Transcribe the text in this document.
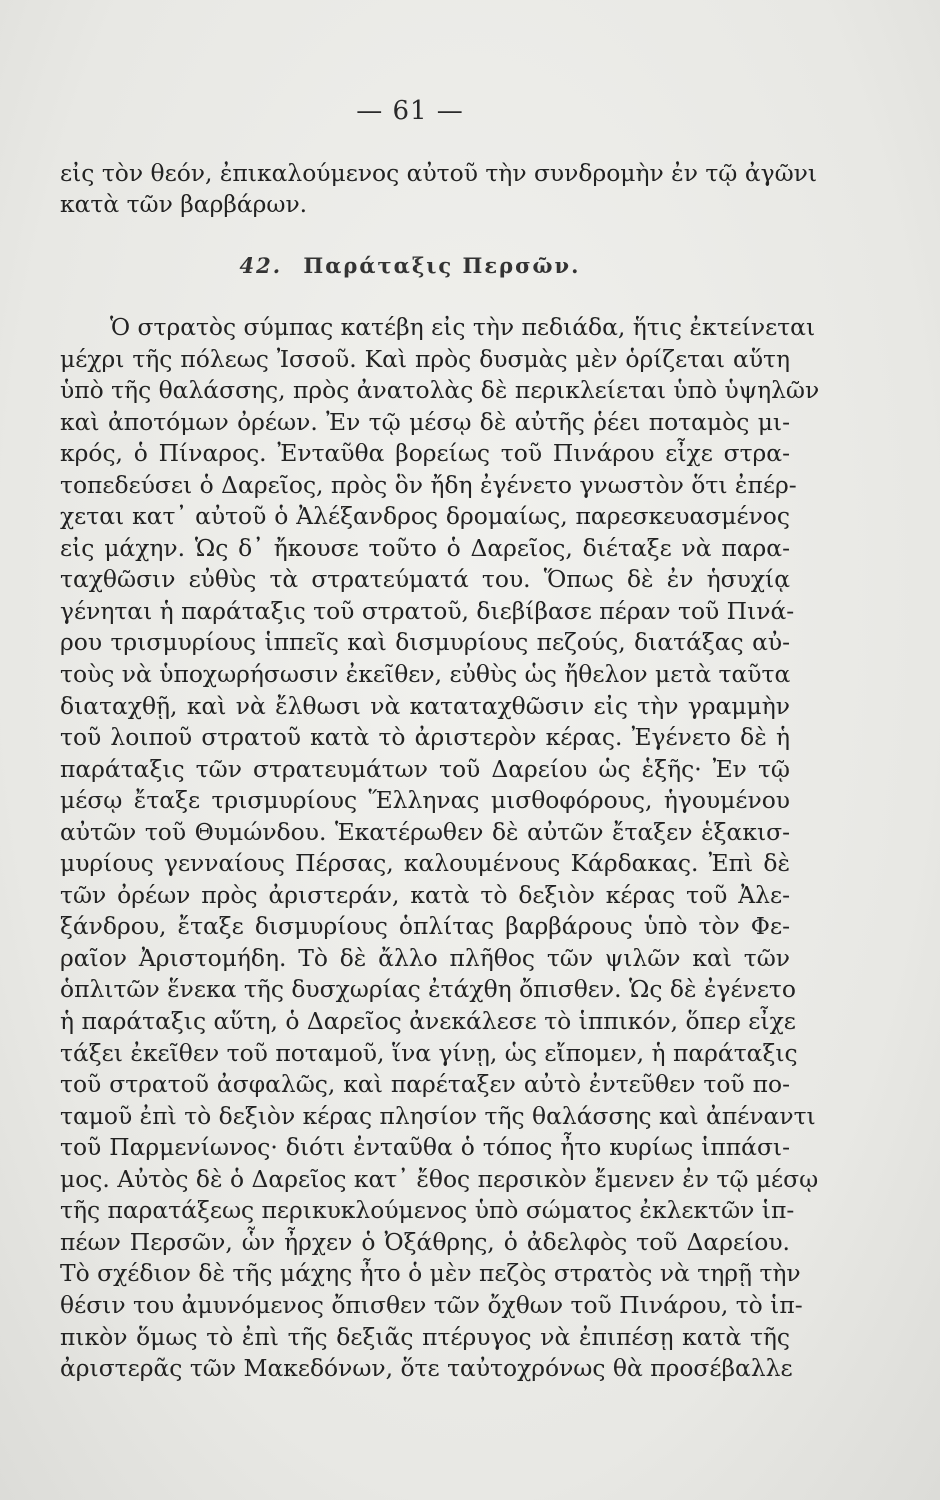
— 61 —
εἰς τὸν θεόν, ἐπικαλούμενος αὐτοῦ τὴν συνδρομὴν ἐν τῷ ἀγῶνι
κατὰ τῶν βαρβάρων.
42. Παράταξις Περσῶν.
Ὁ στρατὸς σύμπας κατέβη εἰς τὴν πεδιάδα, ἥτις ἐκτείνεται
μέχρι τῆς πόλεως Ἰσσοῦ. Καὶ πρὸς δυσμὰς μὲν ὁρίζεται αὕτη
ὑπὸ τῆς θαλάσσης, πρὸς ἀνατολὰς δὲ περικλείεται ὑπὸ ὑψηλῶν
καὶ ἀποτόμων ὀρέων. Ἐν τῷ μέσῳ δὲ αὐτῆς ῥέει ποταμὸς μι-
κρός, ὁ Πίναρος. Ἐνταῦθα βορείως τοῦ Πινάρου εἶχε στρα-
τοπεδεύσει ὁ Δαρεῖος, πρὸς ὃν ἤδη ἐγένετο γνωστὸν ὅτι ἐπέρ-
χεται κατ᾽ αὐτοῦ ὁ Ἀλέξανδρος δρομαίως, παρεσκευασμένος
εἰς μάχην. Ὡς δ᾽ ἤκουσε τοῦτο ὁ Δαρεῖος, διέταξε νὰ παρα-
ταχθῶσιν εὐθὺς τὰ στρατεύματά του. Ὅπως δὲ ἐν ἡσυχίᾳ
γένηται ἡ παράταξις τοῦ στρατοῦ, διεβίβασε πέραν τοῦ Πινά-
ρου τρισμυρίους ἱππεῖς καὶ δισμυρίους πεζούς, διατάξας αὐ-
τοὺς νὰ ὑποχωρήσωσιν ἐκεῖθεν, εὐθὺς ὡς ἤθελον μετὰ ταῦτα
διαταχθῇ, καὶ νὰ ἔλθωσι νὰ καταταχθῶσιν εἰς τὴν γραμμὴν
τοῦ λοιποῦ στρατοῦ κατὰ τὸ ἀριστερὸν κέρας. Ἐγένετο δὲ ἡ
παράταξις τῶν στρατευμάτων τοῦ Δαρείου ὡς ἑξῆς· Ἐν τῷ
μέσῳ ἔταξε τρισμυρίους Ἕλληνας μισθοφόρους, ἡγουμένου
αὐτῶν τοῦ Θυμώνδου. Ἑκατέρωθεν δὲ αὐτῶν ἔταξεν ἑξακισ-
μυρίους γενναίους Πέρσας, καλουμένους Κάρδακας. Ἐπὶ δὲ
τῶν ὀρέων πρὸς ἀριστεράν, κατὰ τὸ δεξιὸν κέρας τοῦ Ἀλε-
ξάνδρου, ἔταξε δισμυρίους ὁπλίτας βαρβάρους ὑπὸ τὸν Φε-
ραῖον Ἀριστομήδη. Τὸ δὲ ἄλλο πλῆθος τῶν ψιλῶν καὶ τῶν
ὁπλιτῶν ἕνεκα τῆς δυσχωρίας ἐτάχθη ὄπισθεν. Ὡς δὲ ἐγένετο
ἡ παράταξις αὕτη, ὁ Δαρεῖος ἀνεκάλεσε τὸ ἱππικόν, ὅπερ εἶχε
τάξει ἐκεῖθεν τοῦ ποταμοῦ, ἵνα γίνῃ, ὡς εἴπομεν, ἡ παράταξις
τοῦ στρατοῦ ἀσφαλῶς, καὶ παρέταξεν αὐτὸ ἐντεῦθεν τοῦ πο-
ταμοῦ ἐπὶ τὸ δεξιὸν κέρας πλησίον τῆς θαλάσσης καὶ ἀπέναντι
τοῦ Παρμενίωνος· διότι ἐνταῦθα ὁ τόπος ἦτο κυρίως ἱππάσι-
μος. Αὐτὸς δὲ ὁ Δαρεῖος κατ᾽ ἔθος περσικὸν ἔμενεν ἐν τῷ μέσῳ
τῆς παρατάξεως περικυκλούμενος ὑπὸ σώματος ἐκλεκτῶν ἱπ-
πέων Περσῶν, ὧν ἦρχεν ὁ Ὀξάθρης, ὁ ἀδελφὸς τοῦ Δαρείου.
Τὸ σχέδιον δὲ τῆς μάχης ἦτο ὁ μὲν πεζὸς στρατὸς νὰ τηρῇ τὴν
θέσιν του ἀμυνόμενος ὄπισθεν τῶν ὄχθων τοῦ Πινάρου, τὸ ἱπ-
πικὸν ὅμως τὸ ἐπὶ τῆς δεξιᾶς πτέρυγος νὰ ἐπιπέσῃ κατὰ τῆς
ἀριστερᾶς τῶν Μακεδόνων, ὅτε ταὐτοχρόνως θὰ προσέβαλλε
